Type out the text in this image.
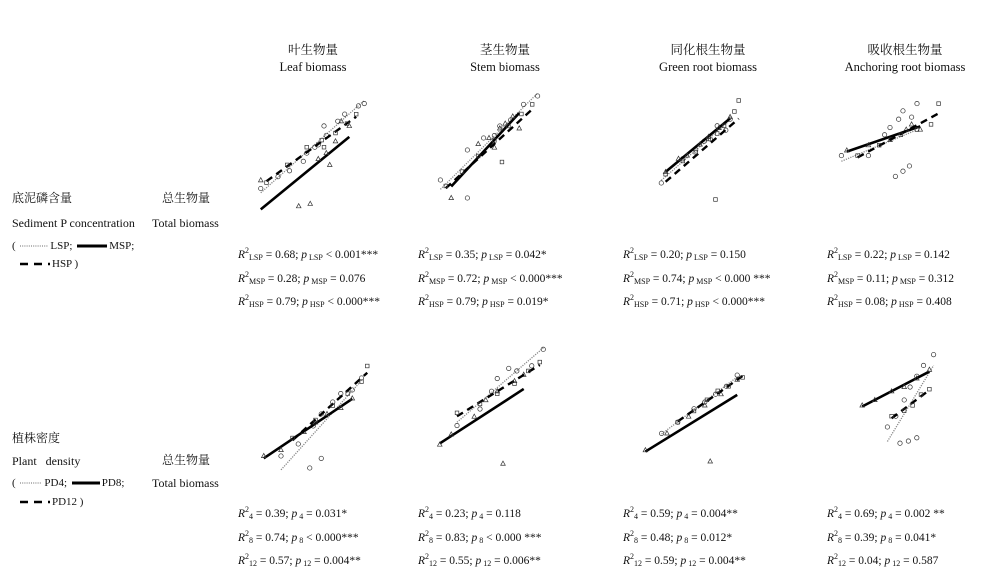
叶生物量
Leaf biomass
茎生物量
Stem biomass
同化根生物量
Green root biomass
吸收根生物量
Anchoring root biomass
底泥磷含量	总生物量
Sediment P concentration Total biomass
(	LSP;	MSP;
HSP )
植株密度
总生物量
Plant   density
Total biomass
(	PD4;	PD8;
PD12 )
$R^2_{LSP} = 0.68$; p $_{LSP}$ < 0.001***
$R^2_{MSP} = 0.28$; p $_{MSP}$ = 0.076
$R^2_{HSP} = 0.79$; p $_{HSP}$ < 0.000***
$R^2_{LSP} = 0.35$; p $_{LSP}$ = 0.042*
$R^2_{MSP} = 0.72$; p $_{MSP}$ < 0.000***
$R^2_{HSP} = 0.79$; p $_{HSP}$ = 0.019*
$R^2_{LSP} = 0.20$; p $_{LSP}$ = 0.150
$R^2_{MSP} = 0.74$; p $_{MSP}$ < 0.000 ***
$R^2_{HSP} = 0.71$; p $_{HSP}$ < 0.000***
$R^2_{LSP} = 0.22$; p $_{LSP}$ = 0.142
$R^2_{MSP} = 0.11$; p $_{MSP}$ = 0.312
$R^2_{HSP} = 0.08$; p $_{HSP}$ = 0.408
$R^2_4 = 0.39$; p $_4$ = 0.031*
$R^2_8 = 0.74$; p $_8$ < 0.000***
$R^2_{12} = 0.57$; p $_{12}$ = 0.004**
$R^2_4 = 0.23$; p $_4$ = 0.118
$R^2_8 = 0.83$; p $_8$ < 0.000 ***
$R^2_{12} = 0.55$; p $_{12}$ = 0.006**
$R^2_4 = 0.59$; p $_4$ = 0.004**
$R^2_8 = 0.48$; p $_8$ = 0.012*
$R^2_{12} = 0.59$; p $_{12}$ = 0.004**
$R^2_4 = 0.69$; p $_4$ = 0.002 **
$R^2_8 = 0.39$; p $_8$ = 0.041*
$R^2_{12} = 0.04$; p $_{12}$ = 0.587
